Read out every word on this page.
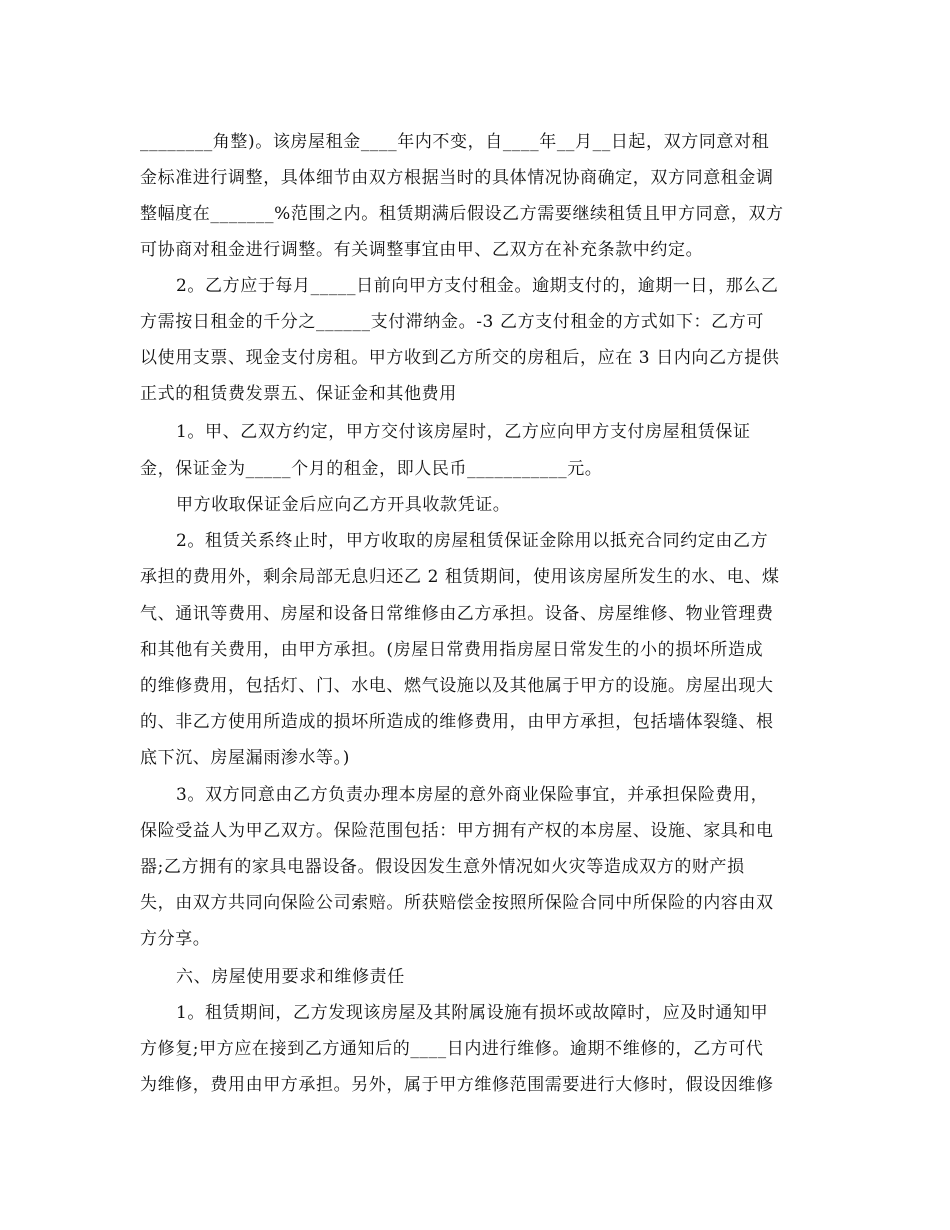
________角整)。该房屋租金____年内不变，自____年__月__日起，双方同意对租
金标准进行调整，具体细节由双方根据当时的具体情况协商确定，双方同意租金调
整幅度在_______%范围之内。租赁期满后假设乙方需要继续租赁且甲方同意，双方
可协商对租金进行调整。有关调整事宜由甲、乙双方在补充条款中约定。
2。乙方应于每月_____日前向甲方支付租金。逾期支付的，逾期一日，那么乙
方需按日租金的千分之______支付滞纳金。-3 乙方支付租金的方式如下：乙方可
以使用支票、现金支付房租。甲方收到乙方所交的房租后，应在 3 日内向乙方提供
正式的租赁费发票五、保证金和其他费用
1。甲、乙双方约定，甲方交付该房屋时，乙方应向甲方支付房屋租赁保证
金，保证金为_____个月的租金，即人民币___________元。
甲方收取保证金后应向乙方开具收款凭证。
2。租赁关系终止时，甲方收取的房屋租赁保证金除用以抵充合同约定由乙方
承担的费用外，剩余局部无息归还乙 2 租赁期间，使用该房屋所发生的水、电、煤
气、通讯等费用、房屋和设备日常维修由乙方承担。设备、房屋维修、物业管理费
和其他有关费用，由甲方承担。(房屋日常费用指房屋日常发生的小的损坏所造成
的维修费用，包括灯、门、水电、燃气设施以及其他属于甲方的设施。房屋出现大
的、非乙方使用所造成的损坏所造成的维修费用，由甲方承担，包括墙体裂缝、根
底下沉、房屋漏雨渗水等。)
3。双方同意由乙方负责办理本房屋的意外商业保险事宜，并承担保险费用，
保险受益人为甲乙双方。保险范围包括：甲方拥有产权的本房屋、设施、家具和电
器;乙方拥有的家具电器设备。假设因发生意外情况如火灾等造成双方的财产损
失，由双方共同向保险公司索赔。所获赔偿金按照所保险合同中所保险的内容由双
方分享。
六、房屋使用要求和维修责任
1。租赁期间，乙方发现该房屋及其附属设施有损坏或故障时，应及时通知甲
方修复;甲方应在接到乙方通知后的____日内进行维修。逾期不维修的，乙方可代
为维修，费用由甲方承担。另外，属于甲方维修范围需要进行大修时，假设因维修
